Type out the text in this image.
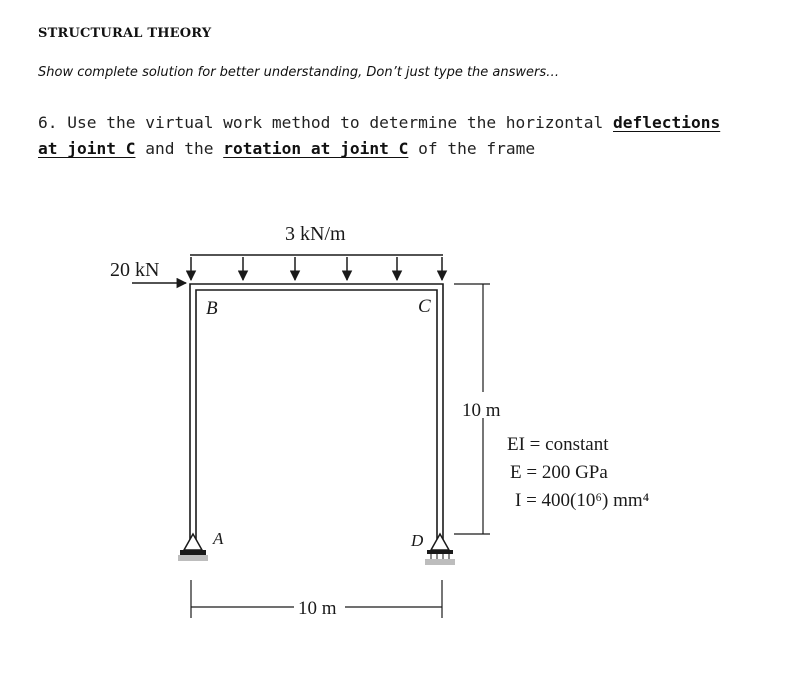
STRUCTURAL THEORY
Show complete solution for better understanding, Don’t just type the answers…
6. Use the virtual work method to determine the horizontal deflections
at joint C and the rotation at joint C of the frame
3 kN/m
20 kN
B	C
A	D
10 m
10 m
EI = constant
E = 200 GPa
I = 400(10⁶) mm⁴
